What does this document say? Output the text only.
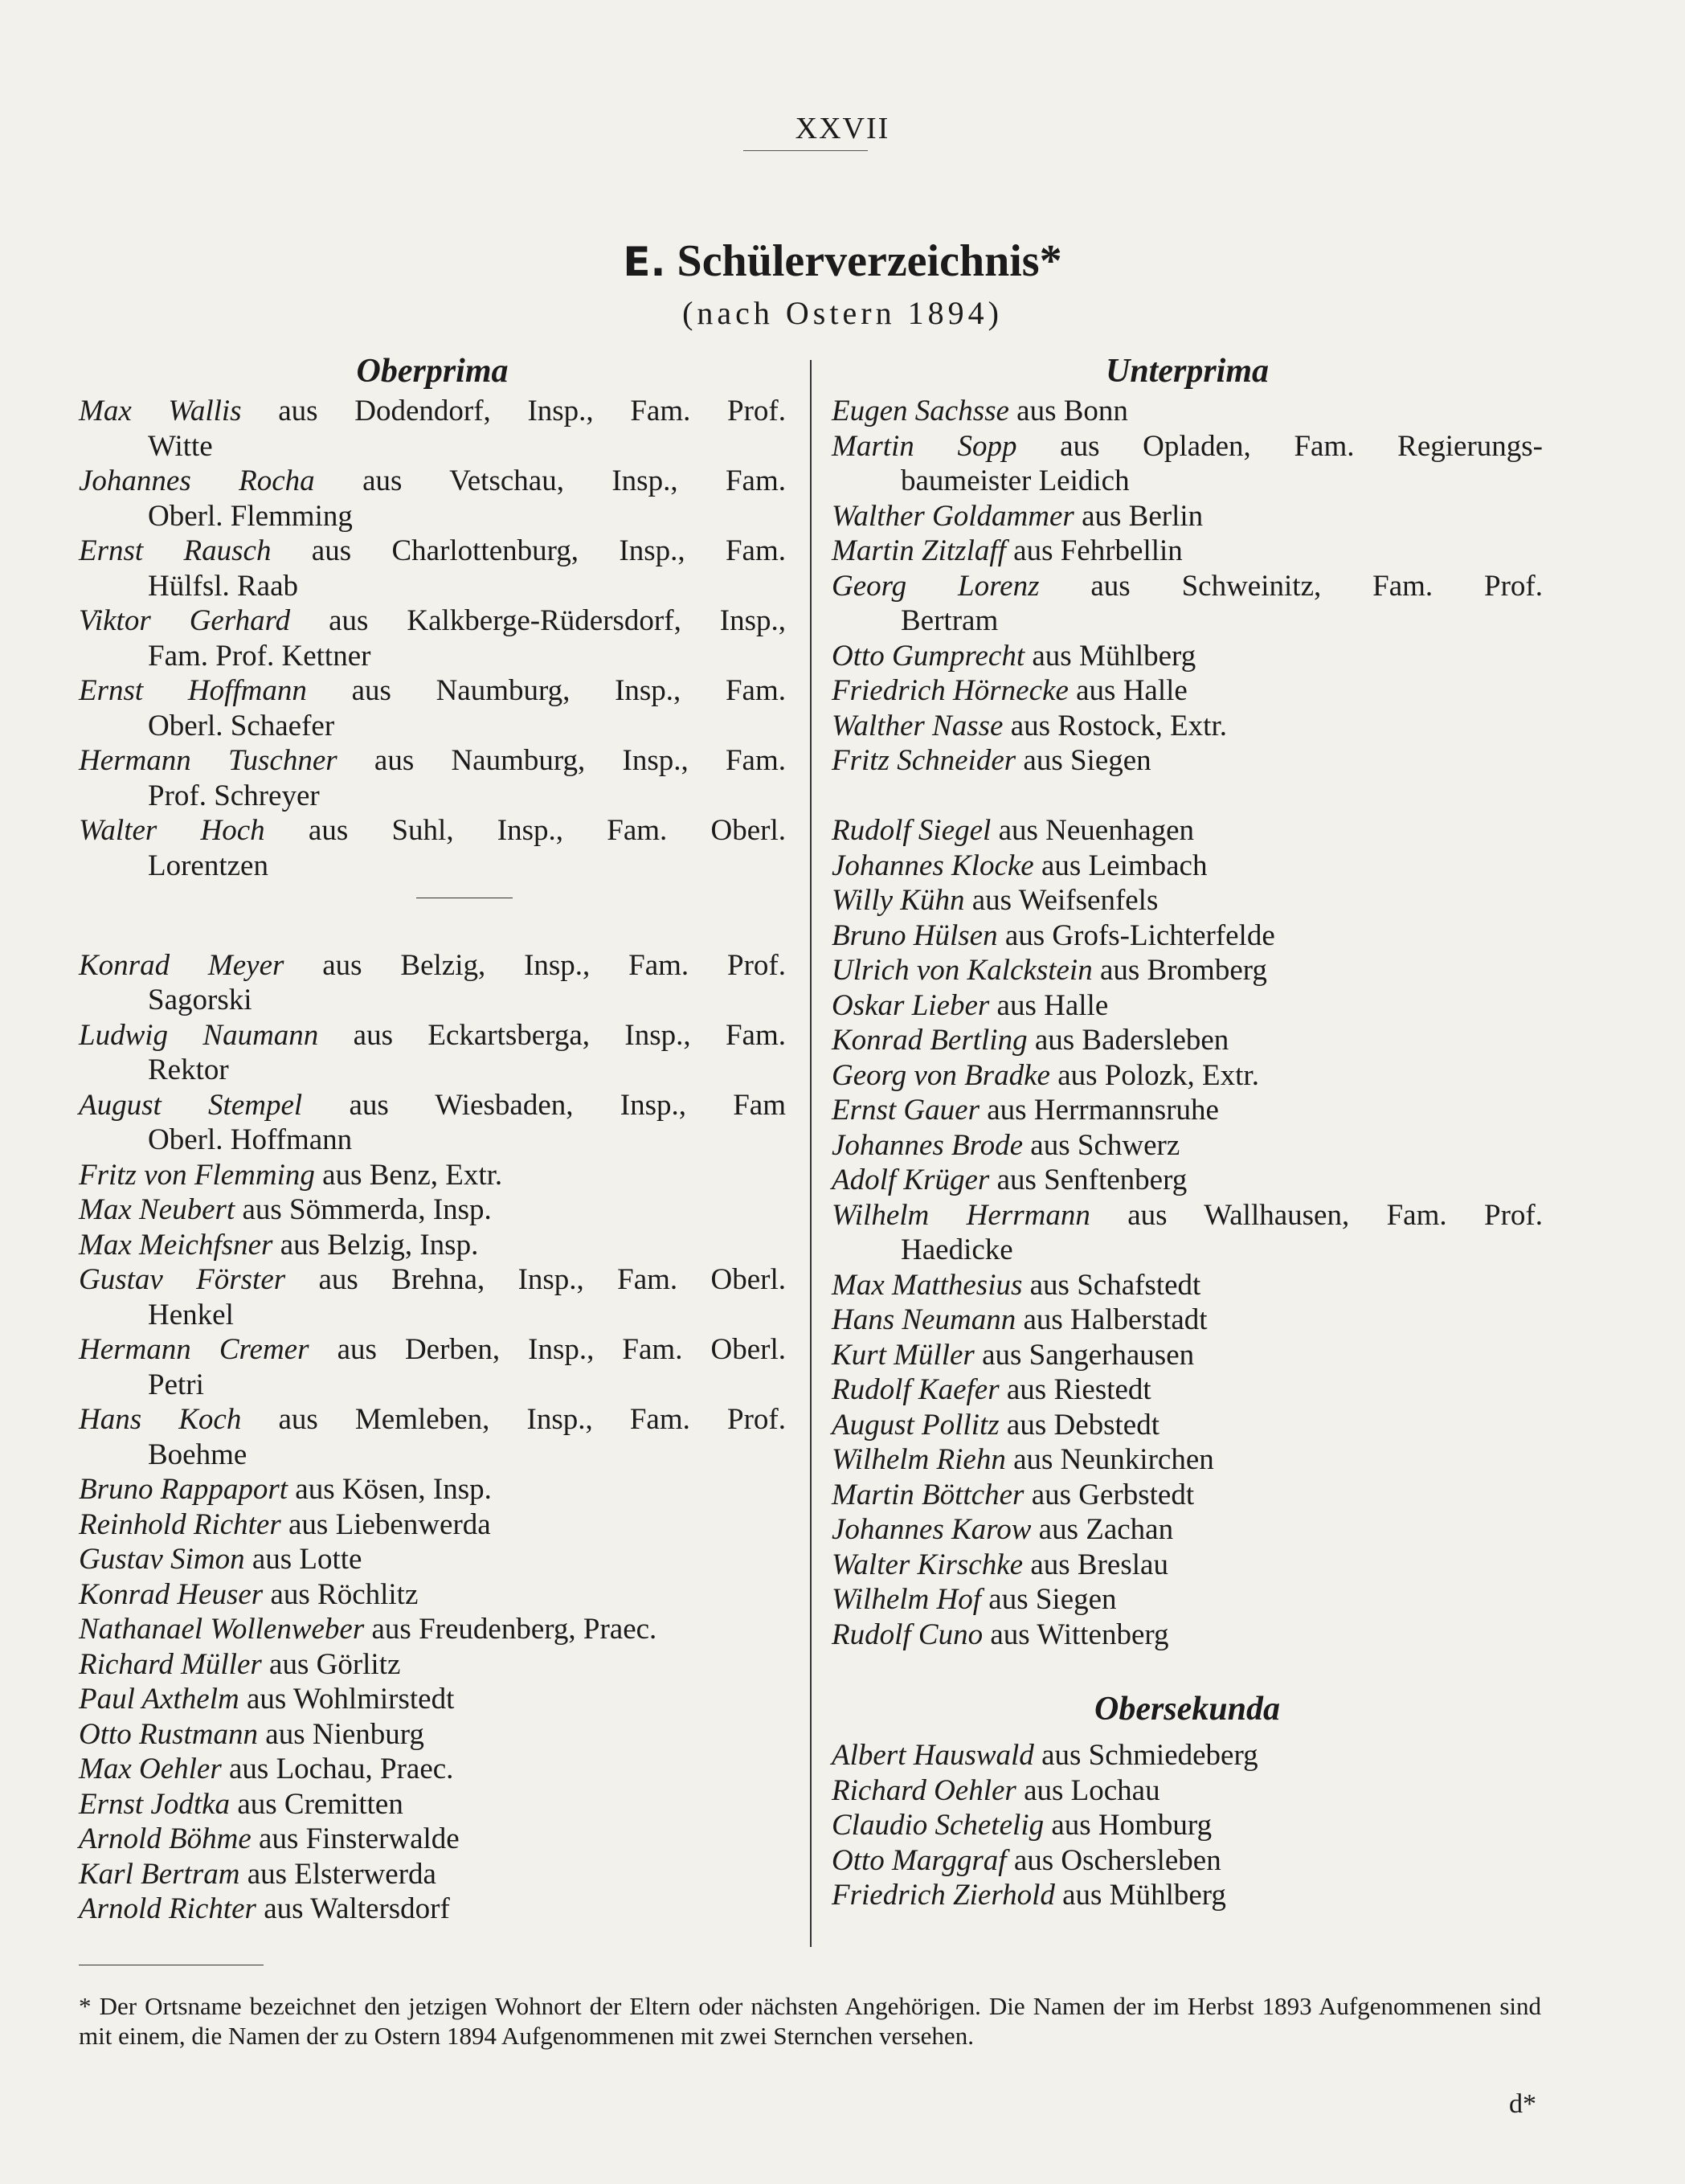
XXVII
E. Schülerverzeichnis*
(nach Ostern 1894)
Oberprima
Max Wallis aus Dodendorf, Insp., Fam. Prof.
Witte
Johannes Rocha aus Vetschau, Insp., Fam.
Oberl. Flemming
Ernst Rausch aus Charlottenburg, Insp., Fam.
Hülfsl. Raab
Viktor Gerhard aus Kalkberge-Rüdersdorf, Insp.,
Fam. Prof. Kettner
Ernst Hoffmann aus Naumburg, Insp., Fam.
Oberl. Schaefer
Hermann Tuschner aus Naumburg, Insp., Fam.
Prof. Schreyer
Walter Hoch aus Suhl, Insp., Fam. Oberl.
Lorentzen
Konrad Meyer aus Belzig, Insp., Fam. Prof.
Sagorski
Ludwig Naumann aus Eckartsberga, Insp., Fam.
Rektor
August Stempel aus Wiesbaden, Insp., Fam
Oberl. Hoffmann
Fritz von Flemming aus Benz, Extr.
Max Neubert aus Sömmerda, Insp.
Max Meichfsner aus Belzig, Insp.
Gustav Förster aus Brehna, Insp., Fam. Oberl.
Henkel
Hermann Cremer aus Derben, Insp., Fam. Oberl.
Petri
Hans Koch aus Memleben, Insp., Fam. Prof.
Boehme
Bruno Rappaport aus Kösen, Insp.
Reinhold Richter aus Liebenwerda
Gustav Simon aus Lotte
Konrad Heuser aus Röchlitz
Nathanael Wollenweber aus Freudenberg, Praec.
Richard Müller aus Görlitz
Paul Axthelm aus Wohlmirstedt
Otto Rustmann aus Nienburg
Max Oehler aus Lochau, Praec.
Ernst Jodtka aus Cremitten
Arnold Böhme aus Finsterwalde
Karl Bertram aus Elsterwerda
Arnold Richter aus Waltersdorf
Unterprima
Eugen Sachsse aus Bonn
Martin Sopp aus Opladen, Fam. Regierungs-
baumeister Leidich
Walther Goldammer aus Berlin
Martin Zitzlaff aus Fehrbellin
Georg Lorenz aus Schweinitz, Fam. Prof.
Bertram
Otto Gumprecht aus Mühlberg
Friedrich Hörnecke aus Halle
Walther Nasse aus Rostock, Extr.
Fritz Schneider aus Siegen
Rudolf Siegel aus Neuenhagen
Johannes Klocke aus Leimbach
Willy Kühn aus Weifsenfels
Bruno Hülsen aus Grofs-Lichterfelde
Ulrich von Kalckstein aus Bromberg
Oskar Lieber aus Halle
Konrad Bertling aus Badersleben
Georg von Bradke aus Polozk, Extr.
Ernst Gauer aus Herrmannsruhe
Johannes Brode aus Schwerz
Adolf Krüger aus Senftenberg
Wilhelm Herrmann aus Wallhausen, Fam. Prof.
Haedicke
Max Matthesius aus Schafstedt
Hans Neumann aus Halberstadt
Kurt Müller aus Sangerhausen
Rudolf Kaefer aus Riestedt
August Pollitz aus Debstedt
Wilhelm Riehn aus Neunkirchen
Martin Böttcher aus Gerbstedt
Johannes Karow aus Zachan
Walter Kirschke aus Breslau
Wilhelm Hof aus Siegen
Rudolf Cuno aus Wittenberg
Obersekunda
Albert Hauswald aus Schmiedeberg
Richard Oehler aus Lochau
Claudio Schetelig aus Homburg
Otto Marggraf aus Oschersleben
Friedrich Zierhold aus Mühlberg
* Der Ortsname bezeichnet den jetzigen Wohnort der Eltern oder nächsten Angehörigen. Die Namen der im Herbst 1893 Aufgenommenen sind mit einem, die Namen der zu Ostern 1894 Aufgenommenen mit zwei Sternchen versehen.
d*
